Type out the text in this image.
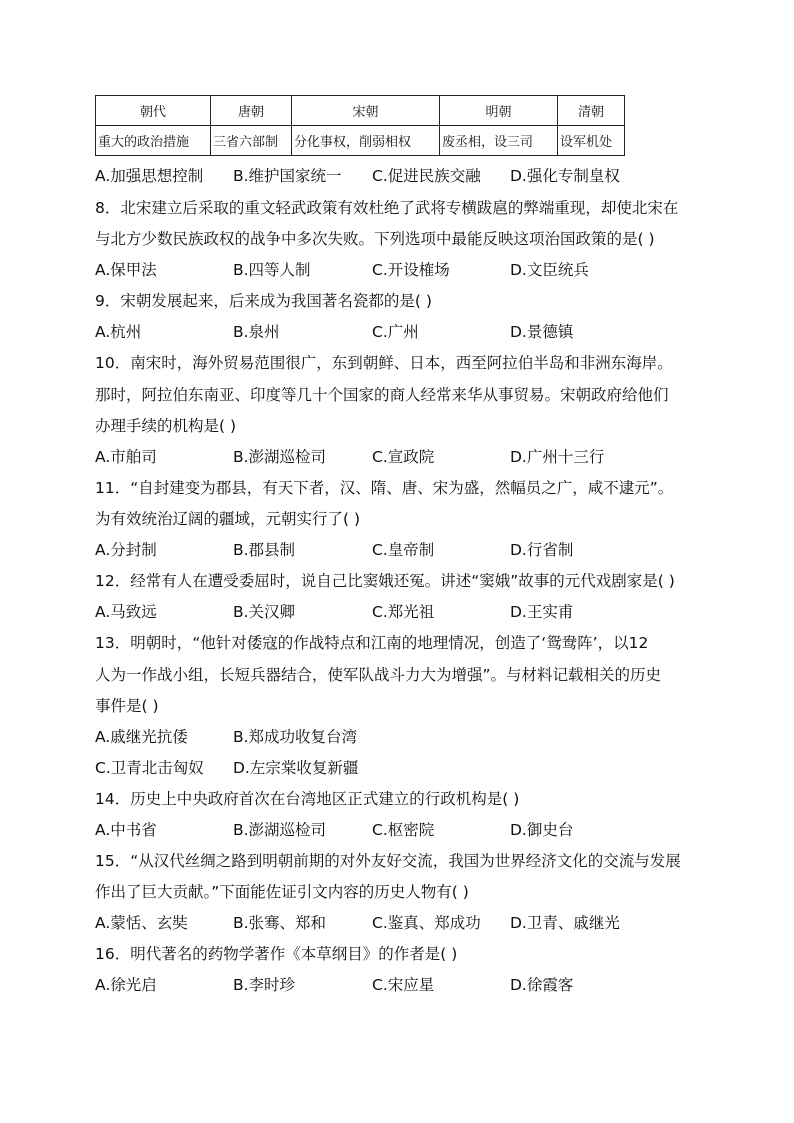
朝代	唐朝	宋朝	明朝	清朝
重大的政治措施	三省六部制	分化事权，削弱相权	废丞相，设三司	设军机处
A.加强思想控制 B.维护国家统一 C.促进民族交融 D.强化专制皇权
8．北宋建立后采取的重文轻武政策有效杜绝了武将专横跋扈的弊端重现，却使北宋在
与北方少数民族政权的战争中多次失败。下列选项中最能反映这项治国政策的是( )
A.保甲法	B.四等人制	C.开设榷场	D.文臣统兵
9．宋朝发展起来，后来成为我国著名瓷都的是( )
A.杭州	B.泉州	C.广州	D.景德镇
10．南宋时，海外贸易范围很广，东到朝鲜、日本，西至阿拉伯半岛和非洲东海岸。
那时，阿拉伯东南亚、印度等几十个国家的商人经常来华从事贸易。宋朝政府给他们
办理手续的机构是( )
A.市舶司	B.澎湖巡检司	C.宣政院	D.广州十三行
11．“自封建变为郡县，有天下者，汉、隋、唐、宋为盛，然幅员之广，咸不逮元”。
为有效统治辽阔的疆域，元朝实行了( )
A.分封制	B.郡县制	C.皇帝制	D.行省制
12．经常有人在遭受委屈时，说自己比窦娥还冤。讲述“窦娥”故事的元代戏剧家是( )
A.马致远	B.关汉卿	C.郑光祖	D.王实甫
13．明朝时，“他针对倭寇的作战特点和江南的地理情况，创造了‘鸳鸯阵’，以12
人为一作战小组，长短兵器结合，使军队战斗力大为增强”。与材料记载相关的历史
事件是( )
A.戚继光抗倭	B.郑成功收复台湾
C.卫青北击匈奴 D.左宗棠收复新疆
14．历史上中央政府首次在台湾地区正式建立的行政机构是( )
A.中书省	B.澎湖巡检司	C.枢密院	D.御史台
15．“从汉代丝绸之路到明朝前期的对外友好交流，我国为世界经济文化的交流与发展
作出了巨大贡献。”下面能佐证引文内容的历史人物有( )
A.蒙恬、玄奘	B.张骞、郑和	C.鉴真、郑成功 D.卫青、戚继光
16．明代著名的药物学著作《本草纲目》的作者是( )
A.徐光启	B.李时珍	C.宋应星	D.徐霞客
